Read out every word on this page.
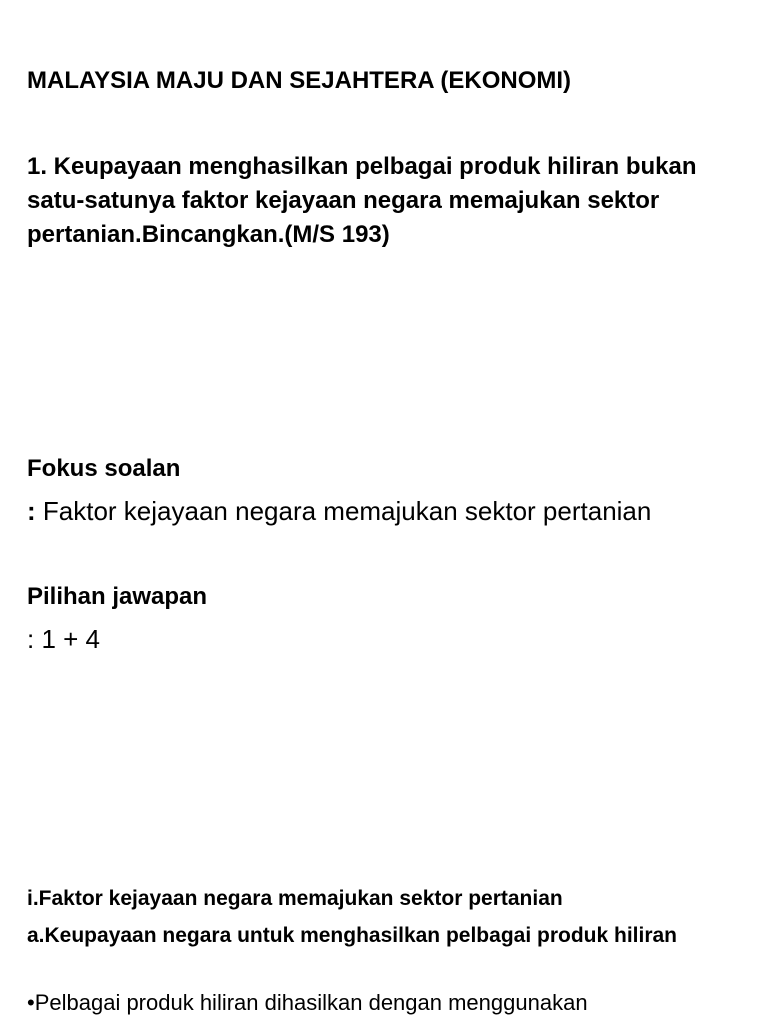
MALAYSIA MAJU DAN SEJAHTERA (EKONOMI)

1. Keupayaan menghasilkan pelbagai produk hiliran bukan satu-satunya faktor kejayaan negara memajukan sektor pertanian.Bincangkan.(M/S 193)

Fokus soalan

: Faktor kejayaan negara memajukan sektor pertanian

Pilihan jawapan

: 1 + 4

i.Faktor kejayaan negara memajukan sektor pertanian

a.Keupayaan negara untuk menghasilkan pelbagai produk hiliran

•Pelbagai produk hiliran dihasilkan dengan menggunakan
